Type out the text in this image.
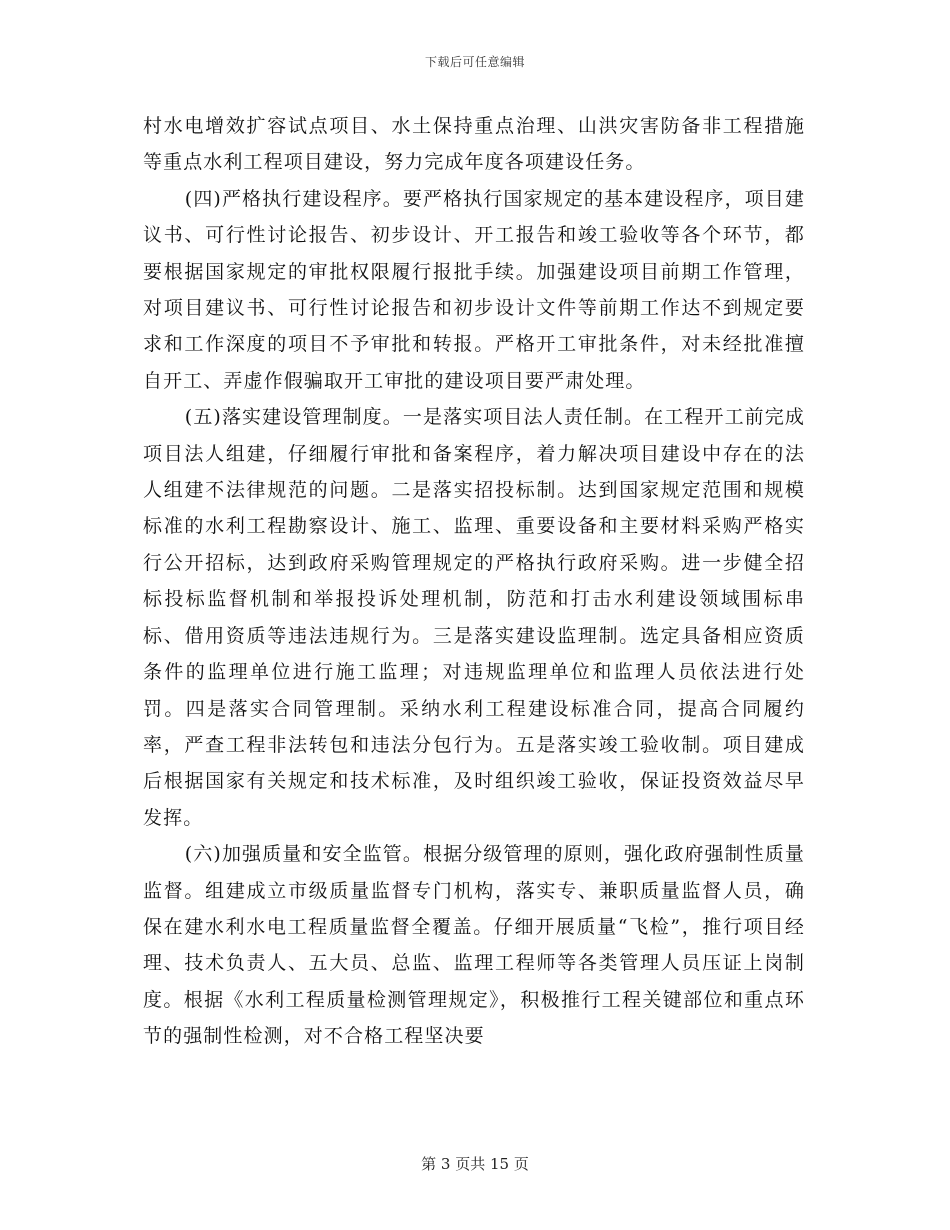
下载后可任意编辑

村水电增效扩容试点项目、水土保持重点治理、山洪灾害防备非工程措施等重点水利工程项目建设，努力完成年度各项建设任务。

(四)严格执行建设程序。要严格执行国家规定的基本建设程序，项目建议书、可行性讨论报告、初步设计、开工报告和竣工验收等各个环节，都要根据国家规定的审批权限履行报批手续。加强建设项目前期工作管理，对项目建议书、可行性讨论报告和初步设计文件等前期工作达不到规定要求和工作深度的项目不予审批和转报。严格开工审批条件，对未经批准擅自开工、弄虚作假骗取开工审批的建设项目要严肃处理。

(五)落实建设管理制度。一是落实项目法人责任制。在工程开工前完成项目法人组建，仔细履行审批和备案程序，着力解决项目建设中存在的法人组建不法律规范的问题。二是落实招投标制。达到国家规定范围和规模标准的水利工程勘察设计、施工、监理、重要设备和主要材料采购严格实行公开招标，达到政府采购管理规定的严格执行政府采购。进一步健全招标投标监督机制和举报投诉处理机制，防范和打击水利建设领域围标串标、借用资质等违法违规行为。三是落实建设监理制。选定具备相应资质条件的监理单位进行施工监理；对违规监理单位和监理人员依法进行处罚。四是落实合同管理制。采纳水利工程建设标准合同，提高合同履约率，严查工程非法转包和违法分包行为。五是落实竣工验收制。项目建成后根据国家有关规定和技术标准，及时组织竣工验收，保证投资效益尽早发挥。

(六)加强质量和安全监管。根据分级管理的原则，强化政府强制性质量监督。组建成立市级质量监督专门机构，落实专、兼职质量监督人员，确保在建水利水电工程质量监督全覆盖。仔细开展质量“飞检”，推行项目经理、技术负责人、五大员、总监、监理工程师等各类管理人员压证上岗制度。根据《水利工程质量检测管理规定》，积极推行工程关键部位和重点环节的强制性检测，对不合格工程坚决要

第 3 页共 15 页
